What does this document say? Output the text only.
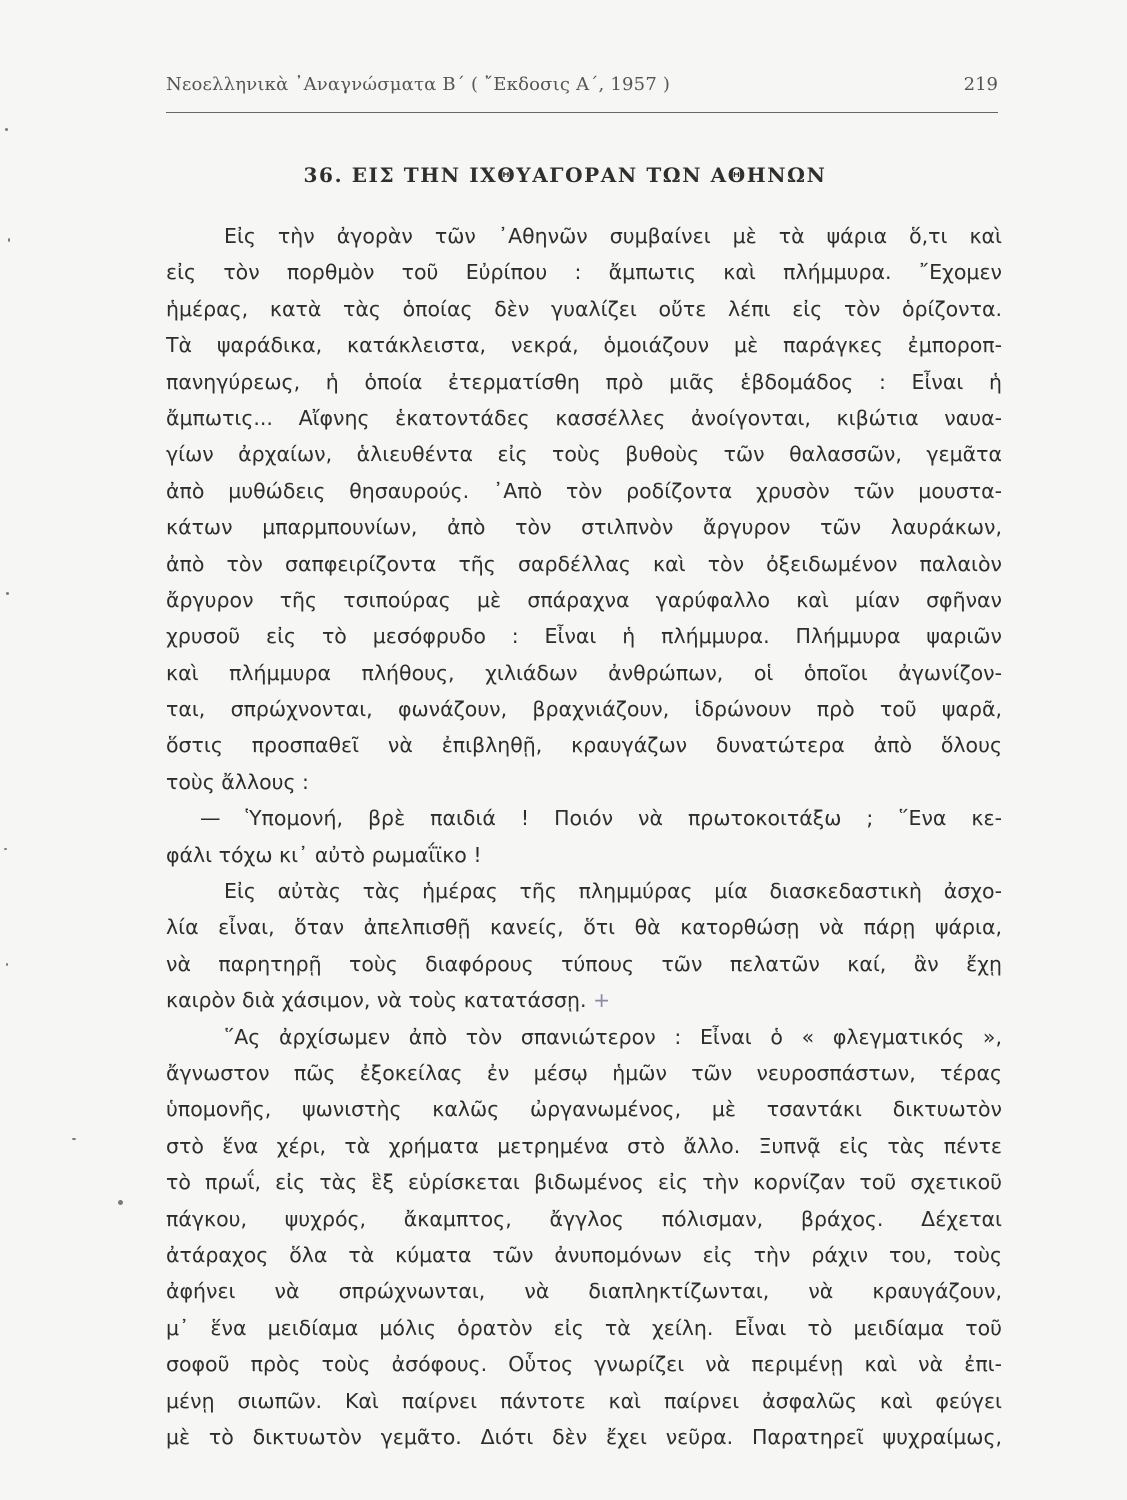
Νεοελληνικὰ ᾿Αναγνώσματα Β΄ ( ῎Εκδοσις Α΄, 1957 )	219
36. ΕΙΣ ΤΗΝ ΙΧΘΥΑΓΟΡΑΝ ΤΩΝ ΑΘΗΝΩΝ
Εἰς τὴν ἀγορὰν τῶν ᾿Αθηνῶν συμβαίνει μὲ τὰ ψάρια ὅ,τι καὶ
εἰς τὸν πορθμὸν τοῦ Εὐρίπου : ἄμπωτις καὶ πλήμμυρα. ῎Εχομεν
ἡμέρας, κατὰ τὰς ὁποίας δὲν γυαλίζει οὔτε λέπι εἰς τὸν ὁρίζοντα.
Τὰ ψαράδικα, κατάκλειστα, νεκρά, ὁμοιάζουν μὲ παράγκες ἐμποροπ-
πανηγύρεως, ἡ ὁποία ἐτερματίσθη πρὸ μιᾶς ἑβδομάδος : Εἶναι ἡ
ἄμπωτις... Αἴφνης ἑκατοντάδες κασσέλλες ἀνοίγονται, κιβώτια ναυα-
γίων ἀρχαίων, ἁλιευθέντα εἰς τοὺς βυθοὺς τῶν θαλασσῶν, γεμᾶτα
ἀπὸ μυθώδεις θησαυρούς. ᾿Απὸ τὸν ροδίζοντα χρυσὸν τῶν μουστα-
κάτων μπαρμπουνίων, ἀπὸ τὸν στιλπνὸν ἄργυρον τῶν λαυράκων,
ἀπὸ τὸν σαπφειρίζοντα τῆς σαρδέλλας καὶ τὸν ὀξειδωμένον παλαιὸν
ἄργυρον τῆς τσιπούρας μὲ σπάραχνα γαρύφαλλο καὶ μίαν σφῆναν
χρυσοῦ εἰς τὸ μεσόφρυδο : Εἶναι ἡ πλήμμυρα. Πλήμμυρα ψαριῶν
καὶ πλήμμυρα πλήθους, χιλιάδων ἀνθρώπων, οἱ ὁποῖοι ἀγωνίζον-
ται, σπρώχνονται, φωνάζουν, βραχνιάζουν, ἱδρώνουν πρὸ τοῦ ψαρᾶ,
ὅστις προσπαθεῖ νὰ ἐπιβληθῇ, κραυγάζων δυνατώτερα ἀπὸ ὅλους
τοὺς ἄλλους :
— Ὑπομονή, βρὲ παιδιά ! Ποιόν νὰ πρωτοκοιτάξω ; ῞Ενα κε-
φάλι τόχω κι᾿ αὐτὸ ρωμαΐϊκο !
Εἰς αὐτὰς τὰς ἡμέρας τῆς πλημμύρας μία διασκεδαστικὴ ἀσχο-
λία εἶναι, ὅταν ἀπελπισθῇ κανείς, ὅτι θὰ κατορθώσῃ νὰ πάρῃ ψάρια,
νὰ παρητηρῇ τοὺς διαφόρους τύπους τῶν πελατῶν καί, ἂν ἔχῃ
καιρὸν διὰ χάσιμον, νὰ τοὺς κατατάσσῃ. +
῞Ας ἀρχίσωμεν ἀπὸ τὸν σπανιώτερον : Εἶναι ὁ « φλεγματικός »,
ἄγνωστον πῶς ἐξοκείλας ἐν μέσῳ ἡμῶν τῶν νευροσπάστων, τέρας
ὑπομονῆς, ψωνιστὴς καλῶς ὠργανωμένος, μὲ τσαντάκι δικτυωτὸν
στὸ ἕνα χέρι, τὰ χρήματα μετρημένα στὸ ἄλλο. Ξυπνᾷ εἰς τὰς πέντε
τὸ πρωΐ, εἰς τὰς ἓξ εὑρίσκεται βιδωμένος εἰς τὴν κορνίζαν τοῦ σχετικοῦ
πάγκου, ψυχρός, ἄκαμπτος, ἄγγλος πόλισμαν, βράχος. Δέχεται
ἀτάραχος ὅλα τὰ κύματα τῶν ἀνυπομόνων εἰς τὴν ράχιν του, τοὺς
ἀφήνει νὰ σπρώχνωνται, νὰ διαπληκτίζωνται, νὰ κραυγάζουν,
μ᾿ ἕνα μειδίαμα μόλις ὁρατὸν εἰς τὰ χείλη. Εἶναι τὸ μειδίαμα τοῦ
σοφοῦ πρὸς τοὺς ἀσόφους. Οὗτος γνωρίζει νὰ περιμένῃ καὶ νὰ ἐπι-
μένῃ σιωπῶν. Καὶ παίρνει πάντοτε καὶ παίρνει ἀσφαλῶς καὶ φεύγει
μὲ τὸ δικτυωτὸν γεμᾶτο. Διότι δὲν ἔχει νεῦρα. Παρατηρεῖ ψυχραίμως,
